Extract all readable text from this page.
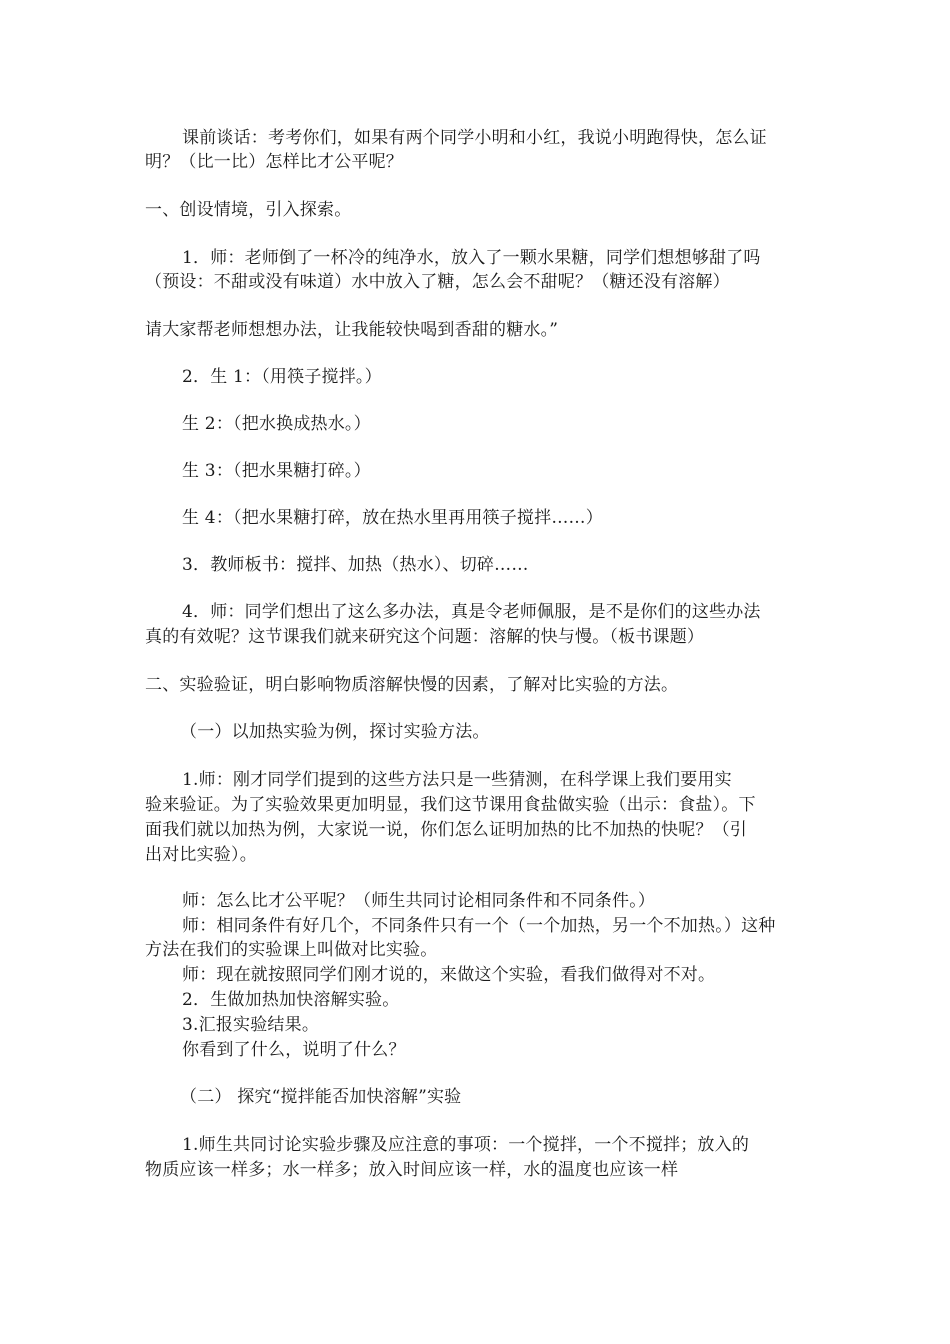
课前谈话：考考你们，如果有两个同学小明和小红，我说小明跑得快，怎么证
明？（比一比）怎样比才公平呢？
一、创设情境，引入探索。
1．师：老师倒了一杯冷的纯净水，放入了一颗水果糖，同学们想想够甜了吗
（预设：不甜或没有味道）水中放入了糖，怎么会不甜呢？（糖还没有溶解）
请大家帮老师想想办法，让我能较快喝到香甜的糖水。”
2．生 1：（用筷子搅拌。）
生 2：（把水换成热水。）
生 3：（把水果糖打碎。）
生 4：（把水果糖打碎，放在热水里再用筷子搅拌……）
3．教师板书：搅拌、加热（热水）、切碎……
4．师：同学们想出了这么多办法，真是令老师佩服，是不是你们的这些办法
真的有效呢？这节课我们就来研究这个问题：溶解的快与慢。（板书课题）
二、实验验证，明白影响物质溶解快慢的因素，了解对比实验的方法。
（一）以加热实验为例，探讨实验方法。
1.师：刚才同学们提到的这些方法只是一些猜测，在科学课上我们要用实
验来验证。为了实验效果更加明显，我们这节课用食盐做实验（出示：食盐）。下
面我们就以加热为例，大家说一说，你们怎么证明加热的比不加热的快呢？（引
出对比实验）。
师：怎么比才公平呢？（师生共同讨论相同条件和不同条件。）
师：相同条件有好几个，不同条件只有一个（一个加热，另一个不加热。）这种
方法在我们的实验课上叫做对比实验。
师：现在就按照同学们刚才说的，来做这个实验，看我们做得对不对。
2．生做加热加快溶解实验。
3.汇报实验结果。
你看到了什么，说明了什么？
（二） 探究“搅拌能否加快溶解”实验
1.师生共同讨论实验步骤及应注意的事项：一个搅拌，一个不搅拌；放入的
物质应该一样多；水一样多；放入时间应该一样，水的温度也应该一样
